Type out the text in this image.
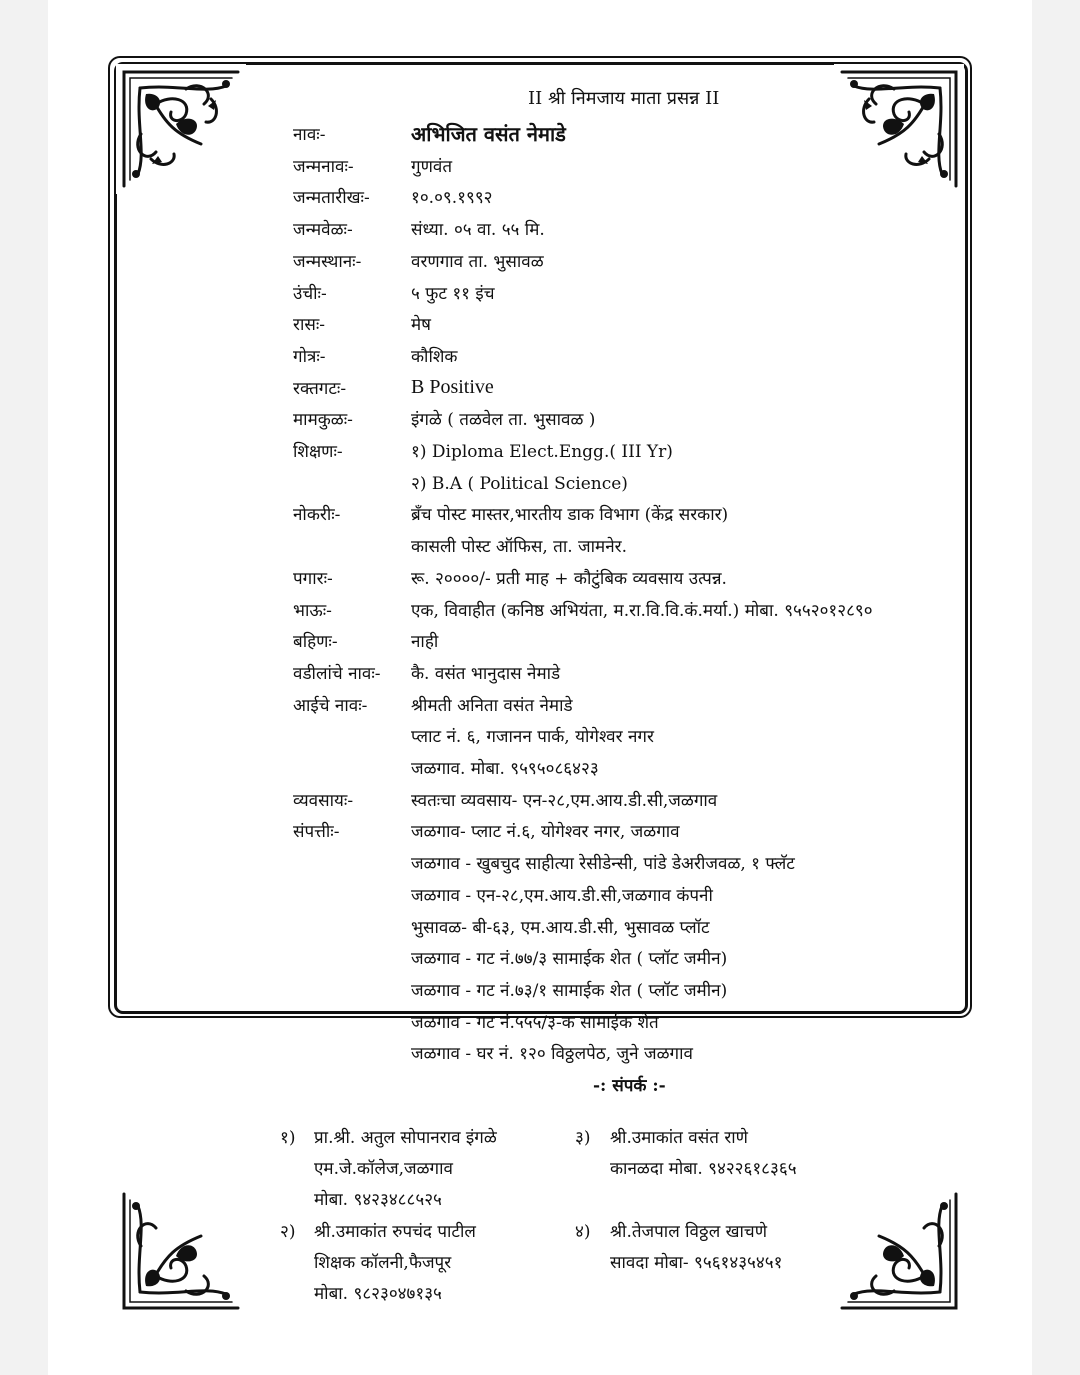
II श्री निमजाय माता प्रसन्न II
नावः-	अभिजित वसंत नेमाडे
जन्मनावः-	गुणवंत
जन्मतारीखः- १०.०९.१९९२
जन्मवेळः-	संध्या. ०५ वा. ५५ मि.
जन्मस्थानः-	वरणगाव ता. भुसावळ
उंचीः-	५ फुट ११ इंच
रासः-	मेष
गोत्रः-	कौशिक
रक्तगटः-	B Positive
मामकुळः-	इंगळे ( तळवेल ता. भुसावळ )
शिक्षणः-	१) Diploma Elect.Engg.( III Yr)
२) B.A ( Political Science)
नोकरीः-	ब्रँच पोस्ट मास्तर,भारतीय डाक विभाग (केंद्र सरकार)
कासली पोस्ट ऑफिस, ता. जामनेर.
पगारः-	रू. २००००/- प्रती माह + कौटुंबिक व्यवसाय उत्पन्न.
भाऊः-	एक, विवाहीत (कनिष्ठ अभियंता, म.रा.वि.वि.कं.मर्या.) मोबा. ९५५२०१२८९०
बहिणः-	नाही
वडीलांचे नावः- कै. वसंत भानुदास नेमाडे
आईचे नावः-	श्रीमती अनिता वसंत नेमाडे
प्लाट नं. ६, गजानन पार्क, योगेश्वर नगर
जळगाव. मोबा. ९५९५०८६४२३
व्यवसायः-	स्वतःचा व्यवसाय- एन-२८,एम.आय.डी.सी,जळगाव
संपत्तीः-	जळगाव- प्लाट नं.६, योगेश्वर नगर, जळगाव
जळगाव - खुबचुद साहीत्या रेसीडेन्सी, पांडे डेअरीजवळ, १ फ्लॅट
जळगाव - एन-२८,एम.आय.डी.सी,जळगाव कंपनी
भुसावळ- बी-६३, एम.आय.डी.सी, भुसावळ प्लॉट
जळगाव - गट नं.७७/३ सामाईक शेत ( प्लॉट जमीन)
जळगाव - गट नं.७३/१ सामाईक शेत ( प्लॉट जमीन)
जळगाव - गट नं.५५५/३-क सामाईक शेत
जळगाव - घर नं. १२० विठ्ठलपेठ, जुने जळगाव
-: संपर्क :-
१) प्रा.श्री. अतुल सोपानराव इंगळे
एम.जे.कॉलेज,जळगाव
मोबा. ९४२३४८८५२५
२) श्री.उमाकांत रुपचंद पाटील
शिक्षक कॉलनी,फैजपूर
मोबा. ९८२३०४७१३५
३) श्री.उमाकांत वसंत राणे
कानळदा मोबा. ९४२२६१८३६५
४) श्री.तेजपाल विठ्ठल खाचणे
सावदा मोबा- ९५६१४३५४५१
